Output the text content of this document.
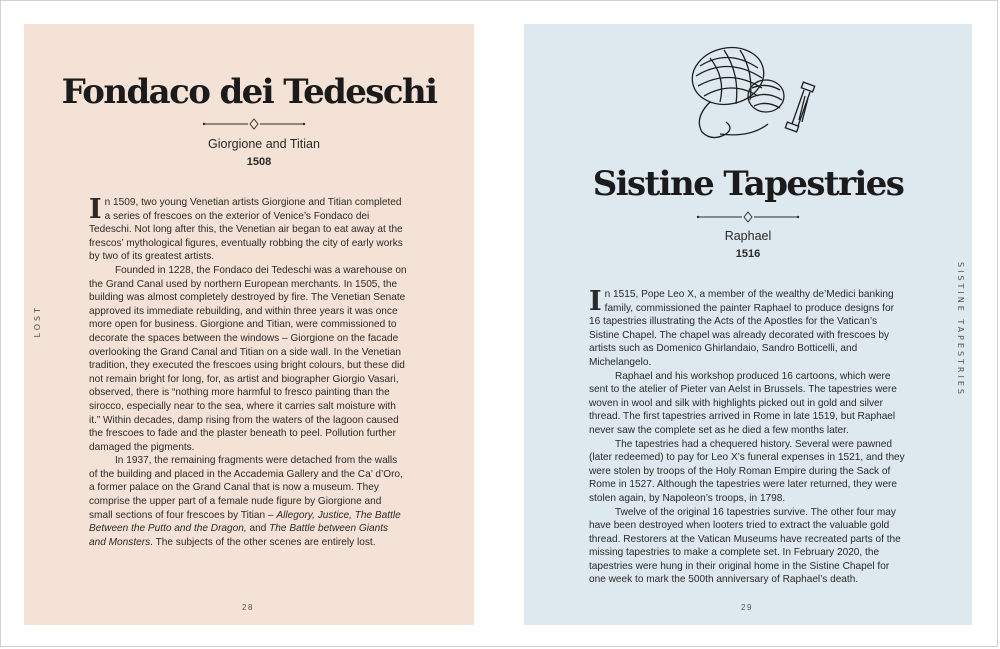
LOST	SISTINE TAPESTRIES
Fondaco dei Tedeschi
Giorgione and Titian
1508

In 1509, two young Venetian artists Giorgione and Titian completed a series of frescoes on the exterior of Venice’s Fondaco dei Tedeschi. Not long after this, the Venetian air began to eat away at the frescos’ mythological figures, eventually robbing the city of early works by two of its greatest artists.

Founded in 1228, the Fondaco dei Tedeschi was a warehouse on the Grand Canal used by northern European merchants. In 1505, the building was almost completely destroyed by fire. The Venetian Senate approved its immediate rebuilding, and within three years it was once more open for business. Giorgione and Titian, were commissioned to decorate the spaces between the windows – Giorgione on the facade overlooking the Grand Canal and Titian on a side wall. In the Venetian tradition, they executed the frescoes using bright colours, but these did not remain bright for long, for, as artist and biographer Giorgio Vasari, observed, there is “nothing more harmful to fresco painting than the sirocco, especially near to the sea, where it carries salt moisture with it.” Within decades, damp rising from the waters of the lagoon caused the frescoes to fade and the plaster beneath to peel. Pollution further damaged the pigments.

In 1937, the remaining fragments were detached from the walls of the building and placed in the Accademia Gallery and the Ca’ d’Oro, a former palace on the Grand Canal that is now a museum. They comprise the upper part of a female nude figure by Giorgione and small sections of four frescoes by Titian – Allegory, Justice, The Battle Between the Putto and the Dragon, and The Battle between Giants and Monsters. The subjects of the other scenes are entirely lost.

28
Sistine Tapestries
Raphael
1516

In 1515, Pope Leo X, a member of the wealthy de’Medici banking family, commissioned the painter Raphael to produce designs for 16 tapestries illustrating the Acts of the Apostles for the Vatican’s Sistine Chapel. The chapel was already decorated with frescoes by artists such as Domenico Ghirlandaio, Sandro Botticelli, and Michelangelo.

Raphael and his workshop produced 16 cartoons, which were sent to the atelier of Pieter van Aelst in Brussels. The tapestries were woven in wool and silk with highlights picked out in gold and silver thread. The first tapestries arrived in Rome in late 1519, but Raphael never saw the complete set as he died a few months later.

The tapestries had a chequered history. Several were pawned (later redeemed) to pay for Leo X’s funeral expenses in 1521, and they were stolen by troops of the Holy Roman Empire during the Sack of Rome in 1527. Although the tapestries were later returned, they were stolen again, by Napoleon’s troops, in 1798.

Twelve of the original 16 tapestries survive. The other four may have been destroyed when looters tried to extract the valuable gold thread. Restorers at the Vatican Museums have recreated parts of the missing tapestries to make a complete set. In February 2020, the tapestries were hung in their original home in the Sistine Chapel for one week to mark the 500th anniversary of Raphael’s death.

29
